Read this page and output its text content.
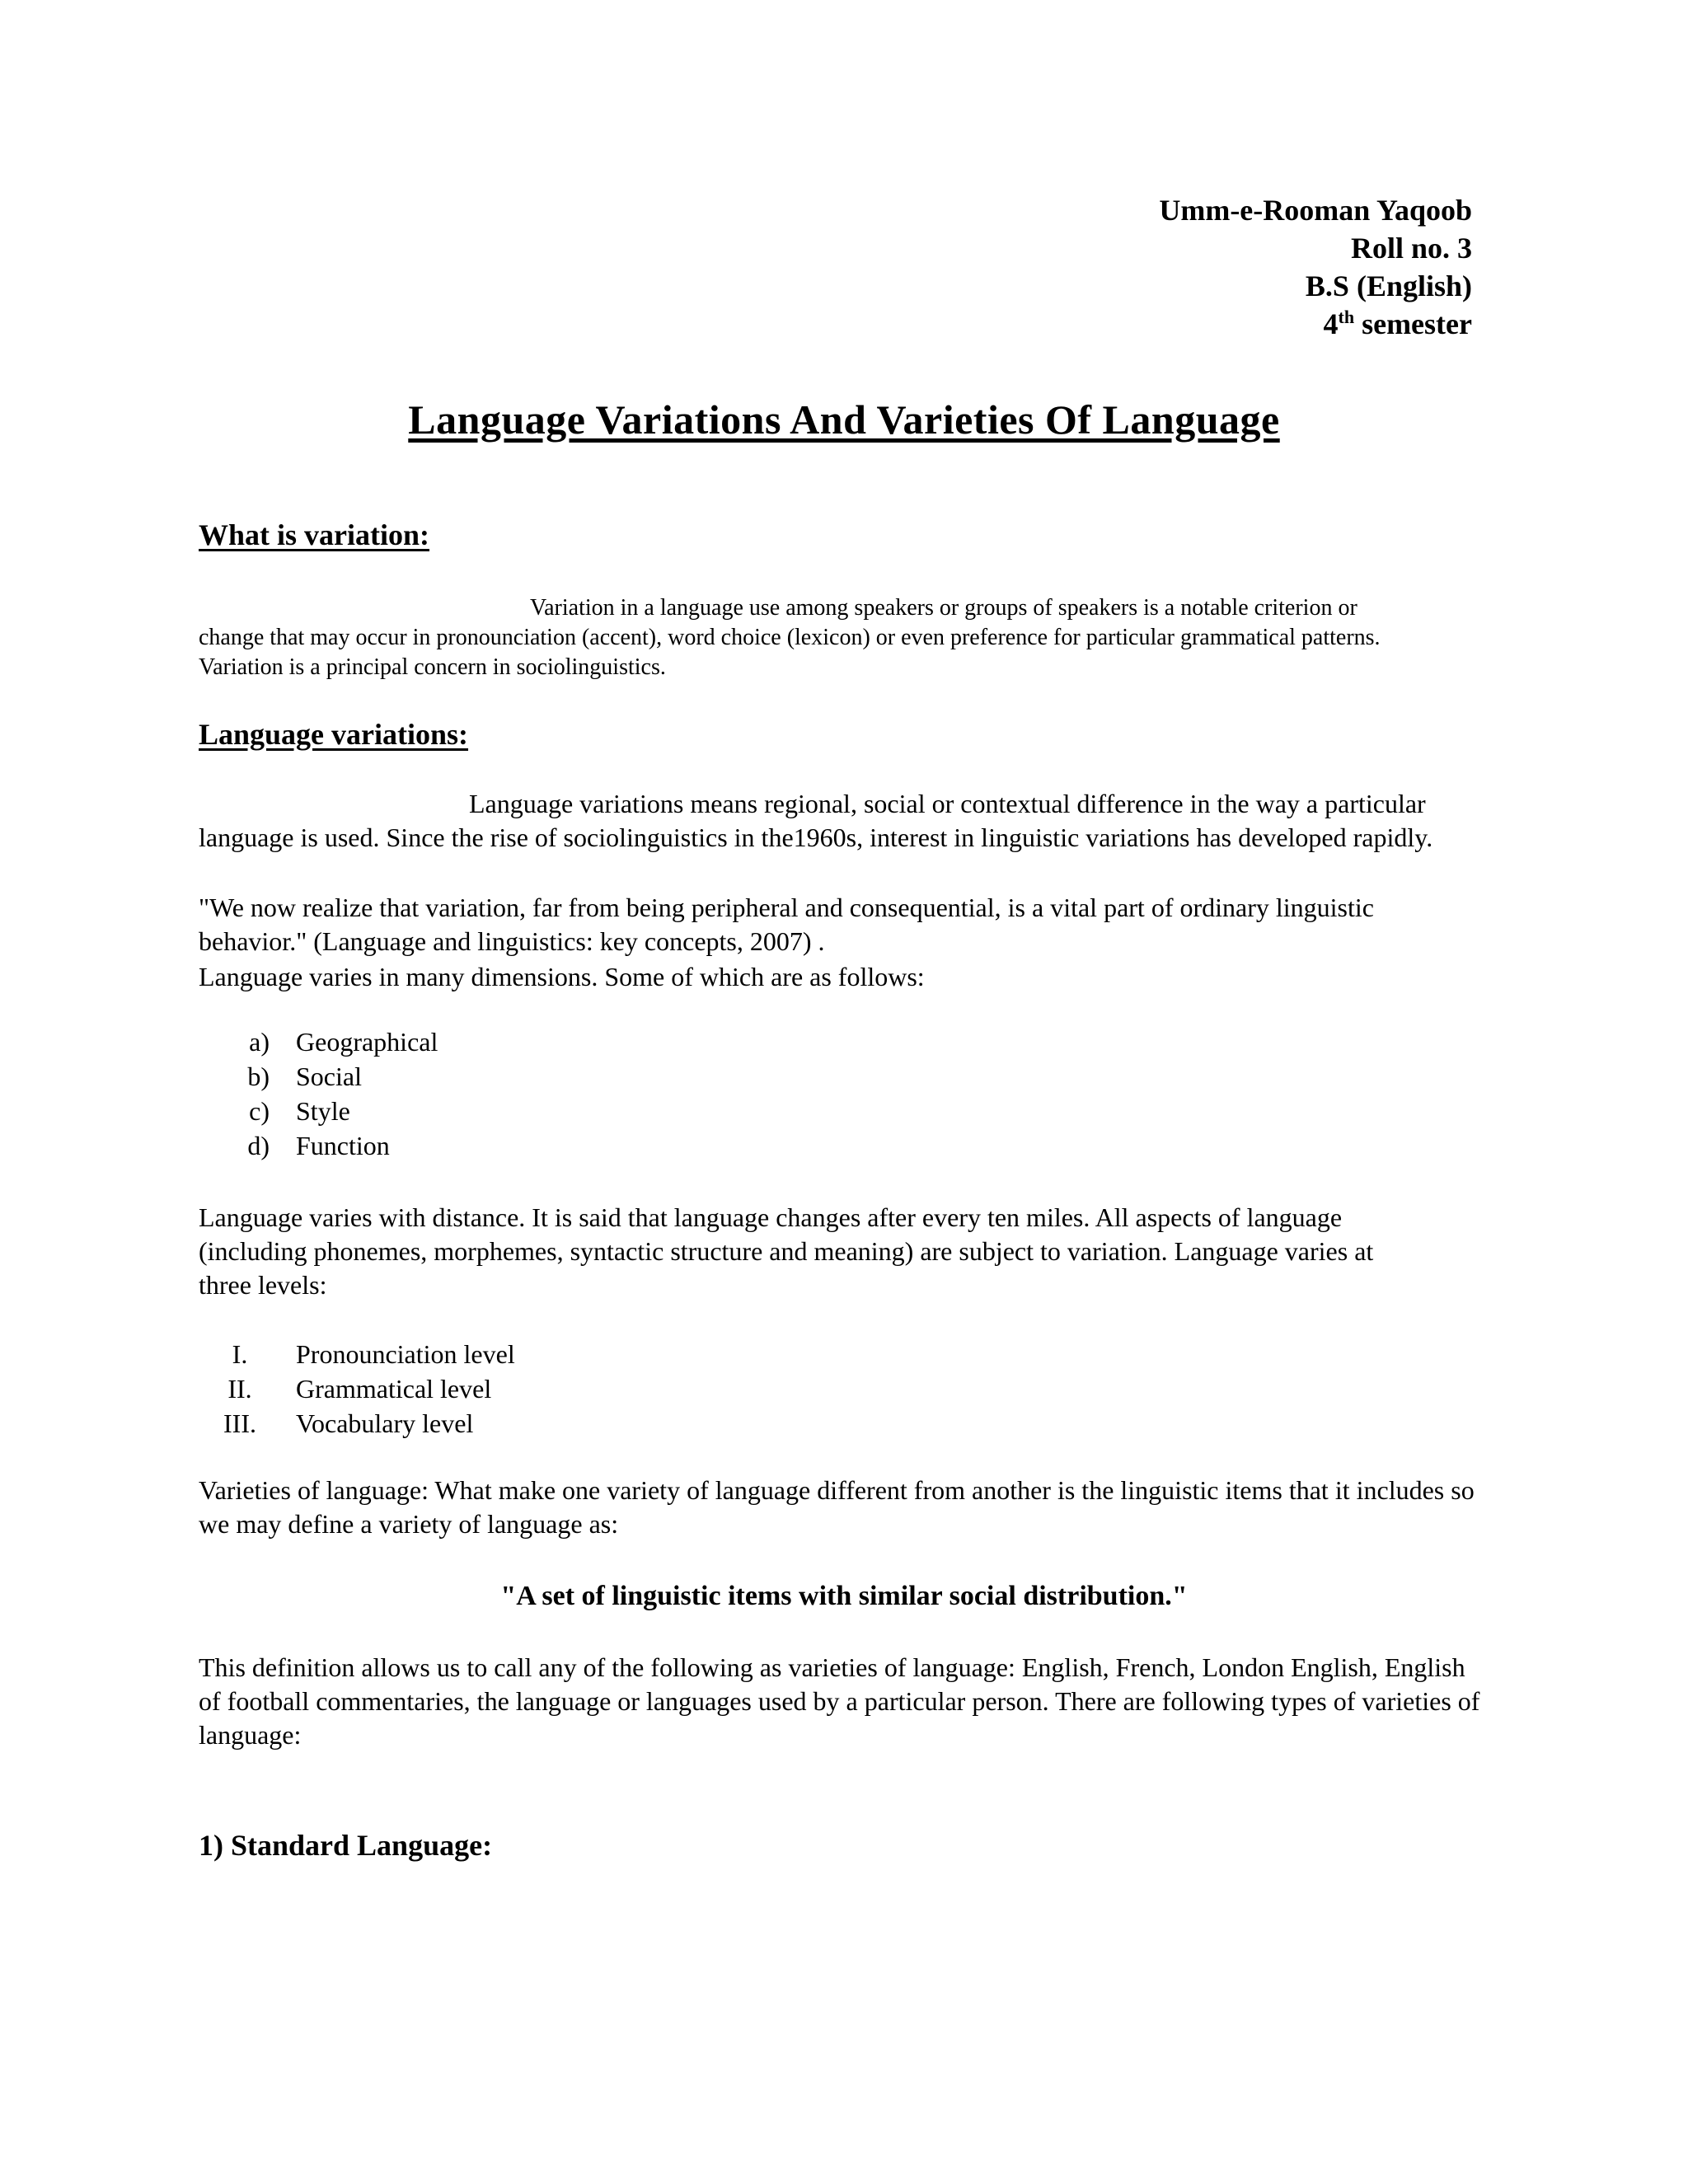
Umm-e-Rooman Yaqoob
Roll no. 3
B.S (English)
4th semester
Language Variations And Varieties Of Language
What is variation:

Variation in a language use among speakers or groups of speakers is a notable criterion or change that may occur in pronounciation (accent), word choice (lexicon) or even preference for particular grammatical patterns. Variation is a principal concern in sociolinguistics.

Language variations:

Language variations means regional, social or contextual difference in the way a particular language is used. Since the rise of sociolinguistics in the1960s, interest in linguistic variations has developed rapidly.

"We now realize that variation, far from being peripheral and consequential, is a vital part of ordinary linguistic behavior." (Language and linguistics: key concepts, 2007) .

Language varies in many dimensions. Some of which are as follows:

a) Geographical
b) Social
c) Style
d) Function

Language varies with distance. It is said that language changes after every ten miles. All aspects of language (including phonemes, morphemes, syntactic structure and meaning) are subject to variation. Language varies at three levels:

I.	Pronounciation level
II.	Grammatical level
III.	Vocabulary level

Varieties of language: What make one variety of language different from another is the linguistic items that it includes so we may define a variety of language as:

"A set of linguistic items with similar social distribution."

This definition allows us to call any of the following as varieties of language: English, French, London English, English of football commentaries, the language or languages used by a particular person. There are following types of varieties of language:

1) Standard Language:
